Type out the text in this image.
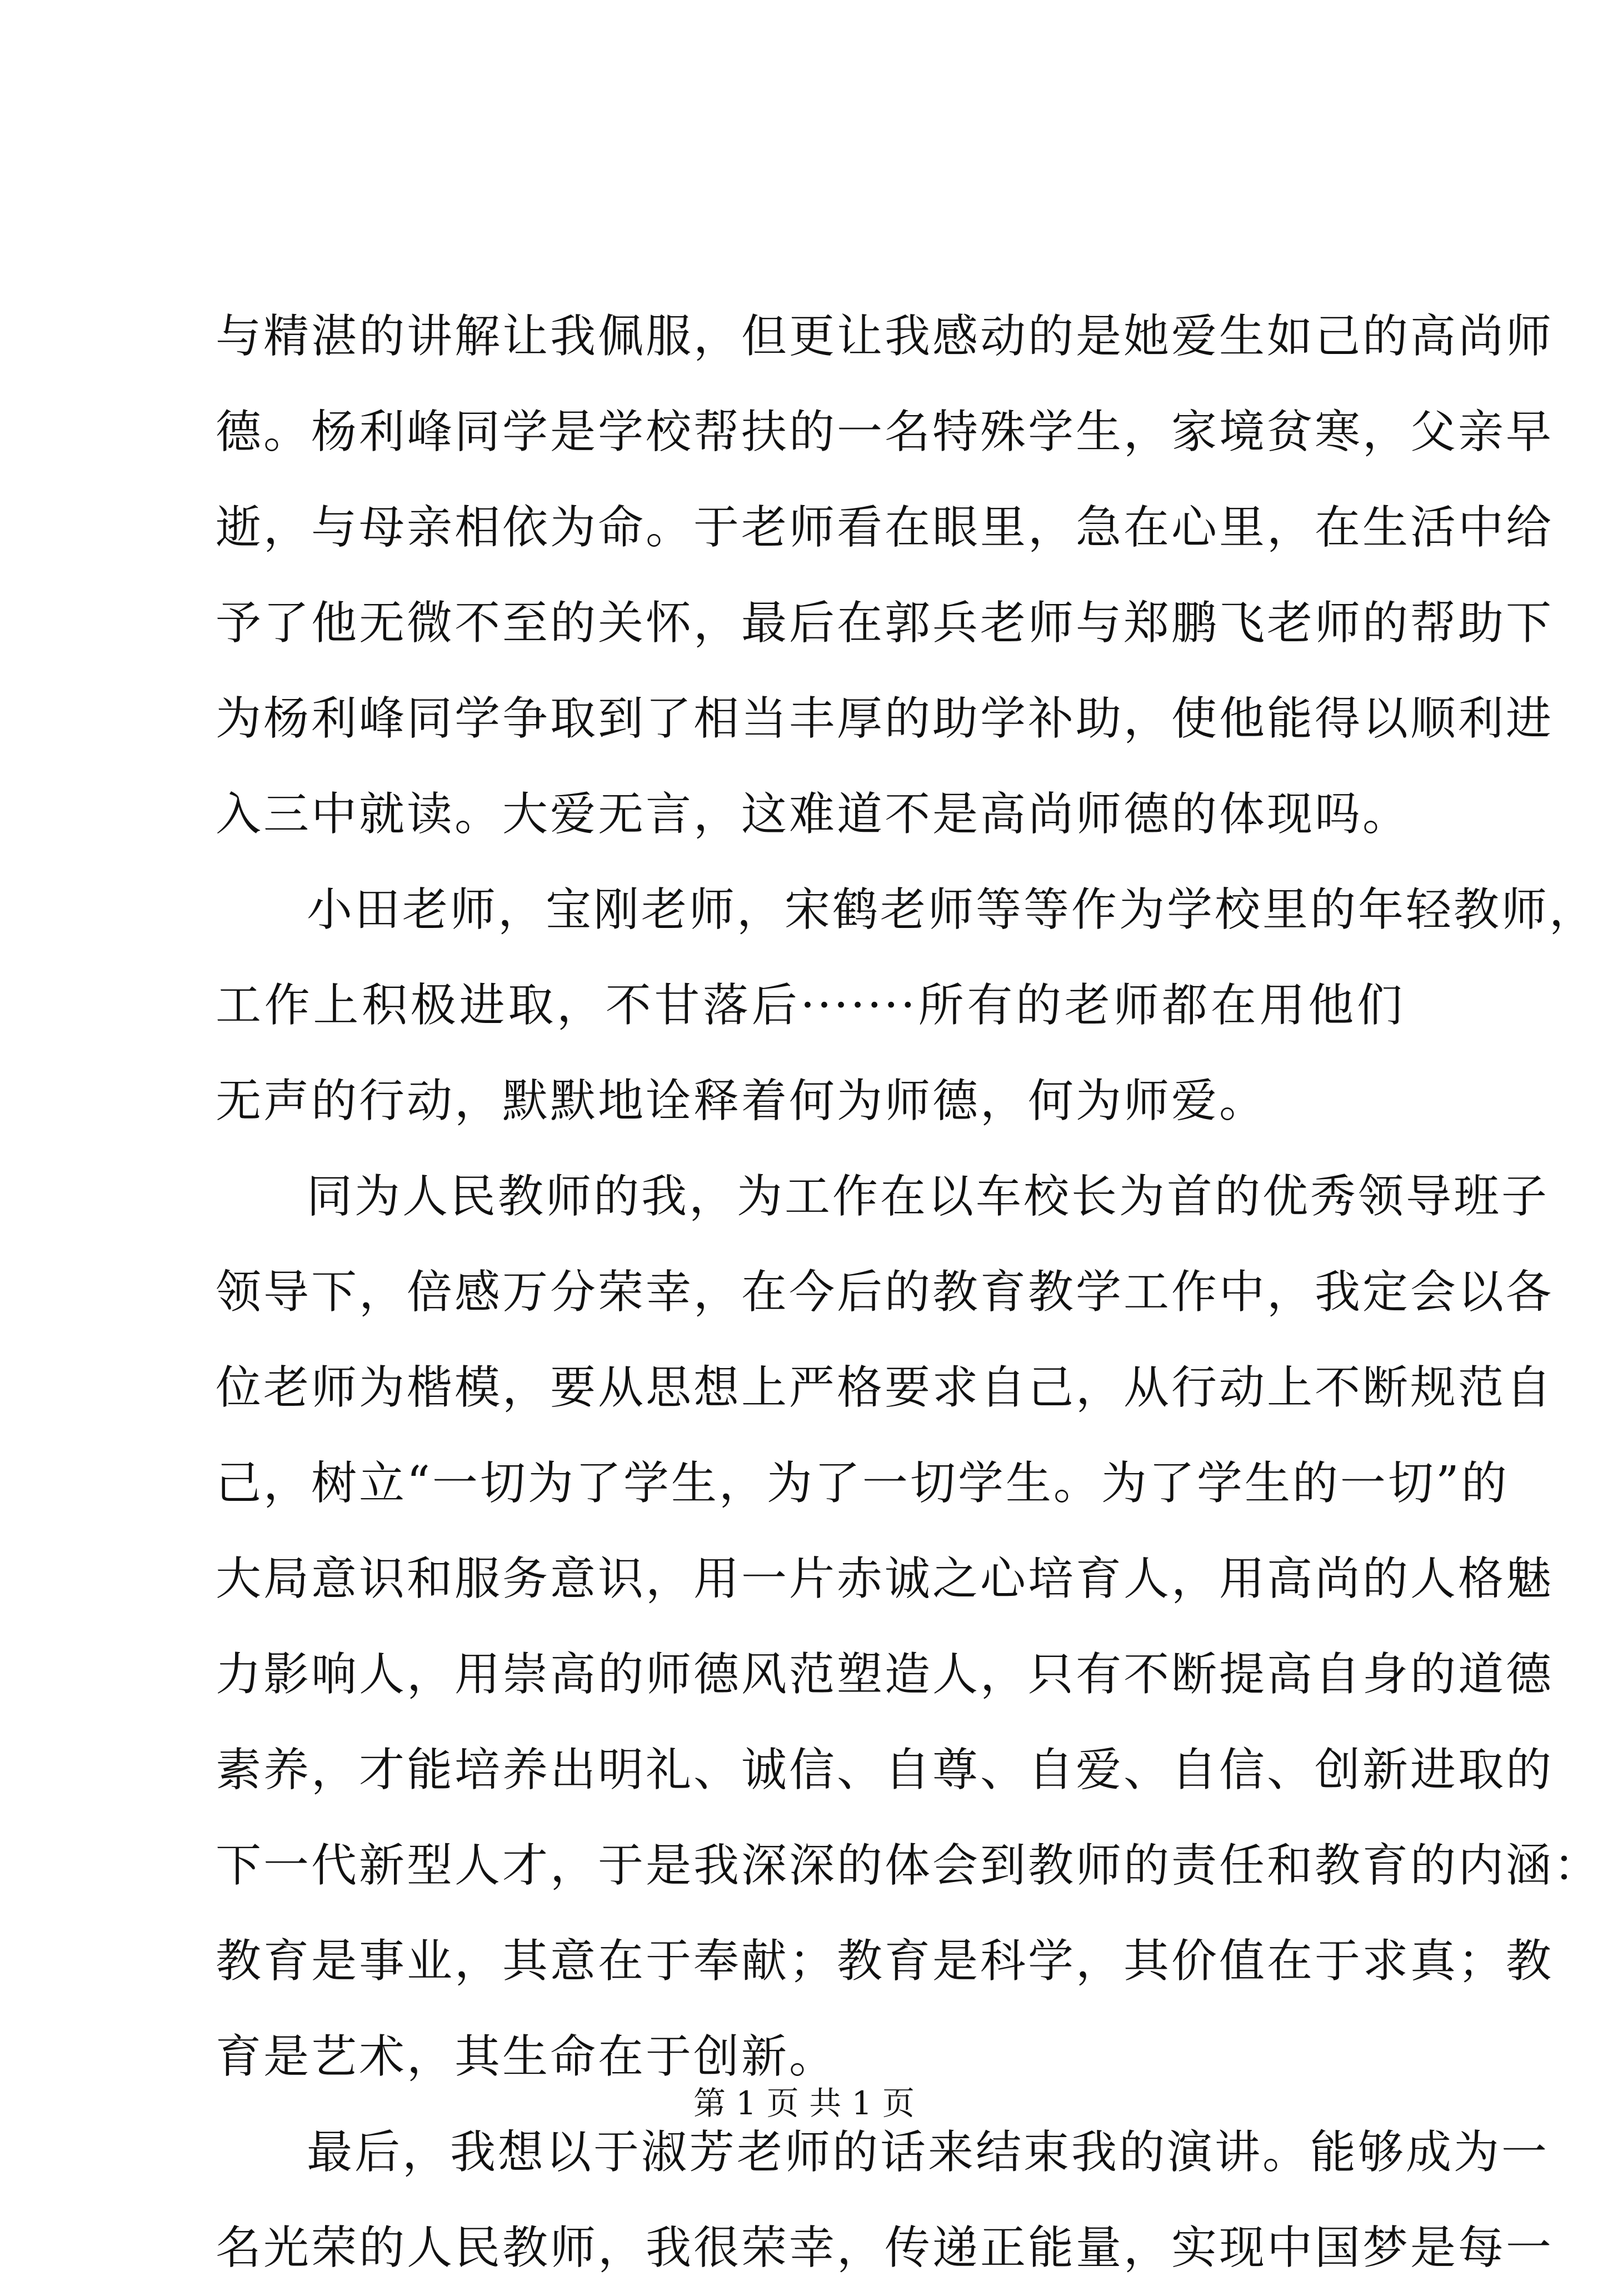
与精湛的讲解让我佩服，但更让我感动的是她爱生如己的高尚师
德。杨利峰同学是学校帮扶的一名特殊学生，家境贫寒，父亲早
逝，与母亲相依为命。于老师看在眼里，急在心里，在生活中给
予了他无微不至的关怀，最后在郭兵老师与郑鹏飞老师的帮助下
为杨利峰同学争取到了相当丰厚的助学补助，使他能得以顺利进
入三中就读。大爱无言，这难道不是高尚师德的体现吗。
小田老师，宝刚老师，宋鹤老师等等作为学校里的年轻教师，
工作上积极进取，不甘落后·······所有的老师都在用他们
无声的行动，默默地诠释着何为师德，何为师爱。
同为人民教师的我，为工作在以车校长为首的优秀领导班子
领导下，倍感万分荣幸，在今后的教育教学工作中，我定会以各
位老师为楷模，要从思想上严格要求自己，从行动上不断规范自
己，树立“一切为了学生，为了一切学生。为了学生的一切”的
大局意识和服务意识，用一片赤诚之心培育人，用高尚的人格魅
力影响人，用崇高的师德风范塑造人，只有不断提高自身的道德
素养，才能培养出明礼、诚信、自尊、自爱、自信、创新进取的
下一代新型人才，于是我深深的体会到教师的责任和教育的内涵：
教育是事业，其意在于奉献；教育是科学，其价值在于求真；教
育是艺术，其生命在于创新。
最后，我想以于淑芳老师的话来结束我的演讲。能够成为一
名光荣的人民教师，我很荣幸，传递正能量，实现中国梦是每一
第 1 页 共 1 页
